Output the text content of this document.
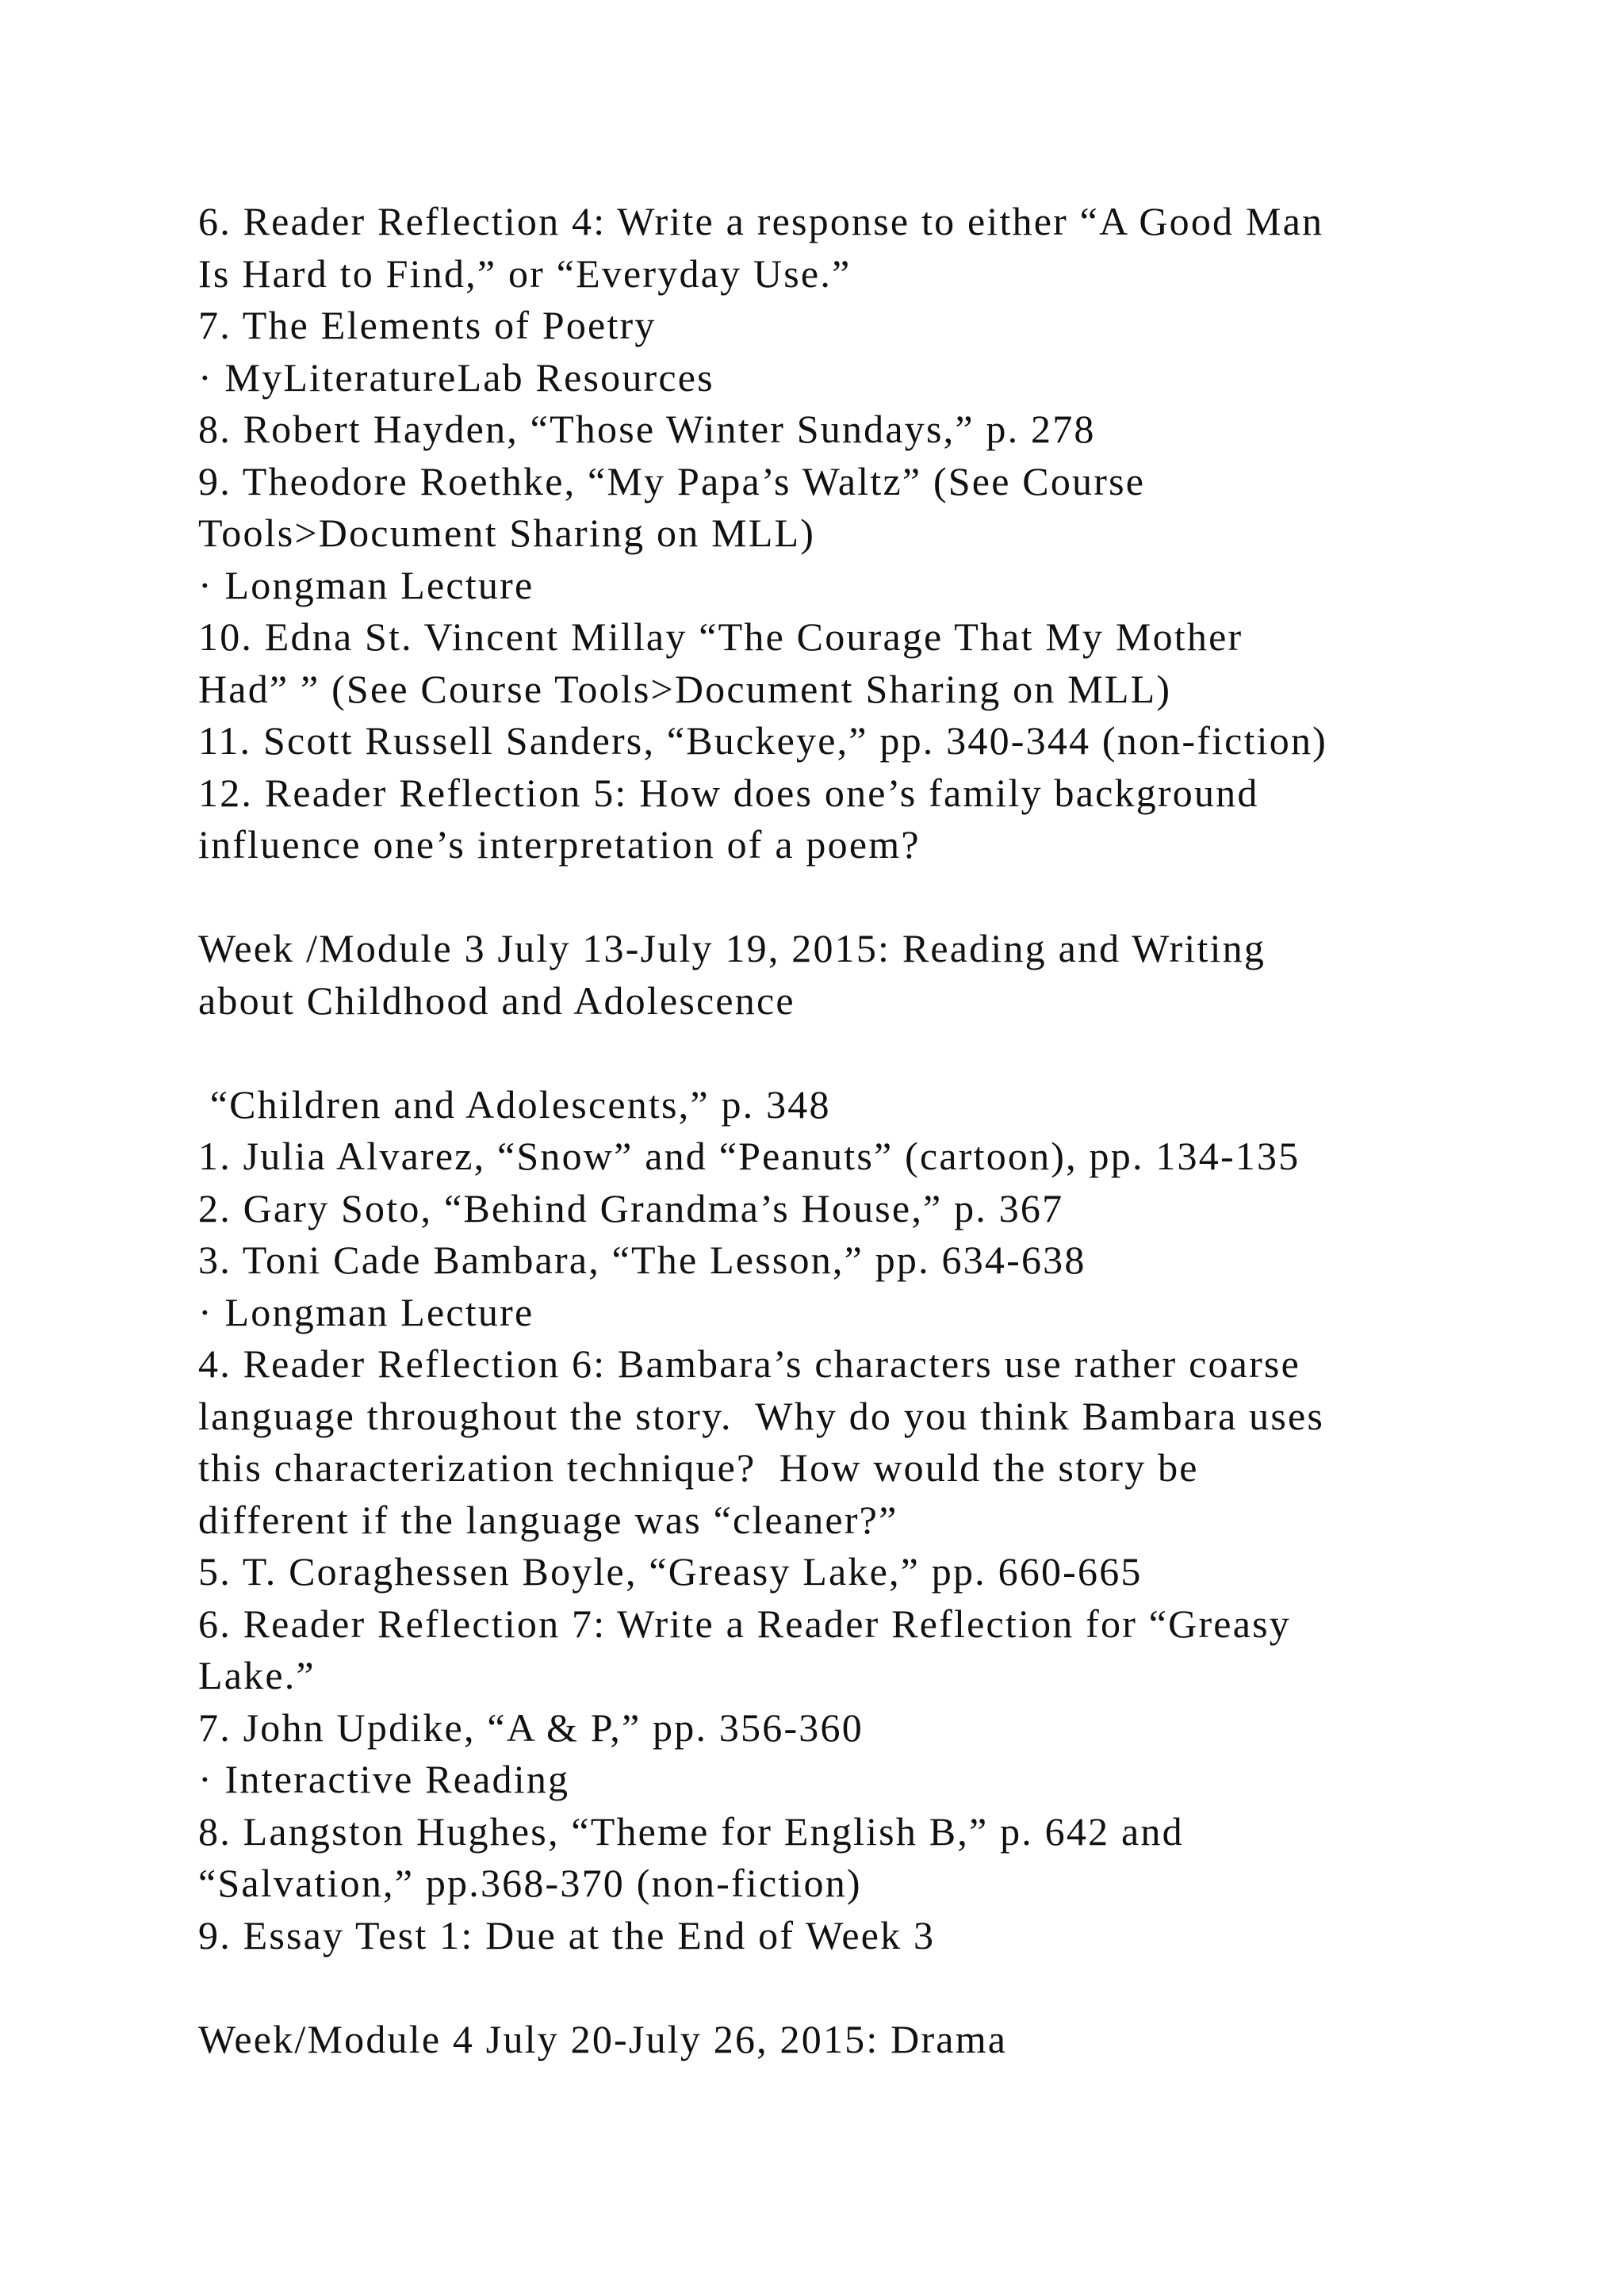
6. Reader Reflection 4: Write a response to either “A Good Man
Is Hard to Find,” or “Everyday Use.”
7. The Elements of Poetry
· MyLiteratureLab Resources
8. Robert Hayden, “Those Winter Sundays,” p. 278
9. Theodore Roethke, “My Papa’s Waltz” (See Course
Tools>Document Sharing on MLL)
· Longman Lecture
10. Edna St. Vincent Millay “The Courage That My Mother
Had” ” (See Course Tools>Document Sharing on MLL)
11. Scott Russell Sanders, “Buckeye,” pp. 340-344 (non-fiction)
12. Reader Reflection 5: How does one’s family background
influence one’s interpretation of a poem?
Week /Module 3 July 13-July 19, 2015: Reading and Writing
about Childhood and Adolescence
“Children and Adolescents,” p. 348
1. Julia Alvarez, “Snow” and “Peanuts” (cartoon), pp. 134-135
2. Gary Soto, “Behind Grandma’s House,” p. 367
3. Toni Cade Bambara, “The Lesson,” pp. 634-638
· Longman Lecture
4. Reader Reflection 6: Bambara’s characters use rather coarse
language throughout the story.  Why do you think Bambara uses
this characterization technique?  How would the story be
different if the language was “cleaner?”
5. T. Coraghessen Boyle, “Greasy Lake,” pp. 660-665
6. Reader Reflection 7: Write a Reader Reflection for “Greasy
Lake.”
7. John Updike, “A & P,” pp. 356-360
· Interactive Reading
8. Langston Hughes, “Theme for English B,” p. 642 and
“Salvation,” pp.368-370 (non-fiction)
9. Essay Test 1: Due at the End of Week 3
Week/Module 4 July 20-July 26, 2015: Drama
